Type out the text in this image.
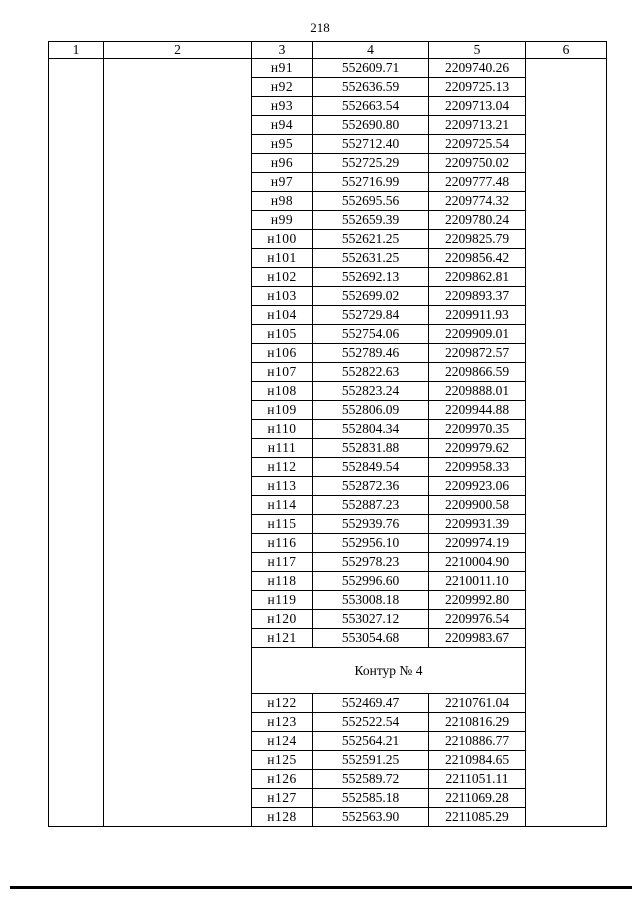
218
1	2	3	4	5	6
		н91	552609.71	2209740.26	
		н92	552636.59	2209725.13	
		н93	552663.54	2209713.04	
		н94	552690.80	2209713.21	
		н95	552712.40	2209725.54	
		н96	552725.29	2209750.02	
		н97	552716.99	2209777.48	
		н98	552695.56	2209774.32	
		н99	552659.39	2209780.24	
		н100	552621.25	2209825.79	
		н101	552631.25	2209856.42	
		н102	552692.13	2209862.81	
		н103	552699.02	2209893.37	
		н104	552729.84	2209911.93	
		н105	552754.06	2209909.01	
		н106	552789.46	2209872.57	
		н107	552822.63	2209866.59	
		н108	552823.24	2209888.01	
		н109	552806.09	2209944.88	
		н110	552804.34	2209970.35	
		н111	552831.88	2209979.62	
		н112	552849.54	2209958.33	
		н113	552872.36	2209923.06	
		н114	552887.23	2209900.58	
		н115	552939.76	2209931.39	
		н116	552956.10	2209974.19	
		н117	552978.23	2210004.90	
		н118	552996.60	2210011.10	
		н119	553008.18	2209992.80	
		н120	553027.12	2209976.54	
		н121	553054.68	2209983.67	
		Контур № 4			
		н122	552469.47	2210761.04	
		н123	552522.54	2210816.29	
		н124	552564.21	2210886.77	
		н125	552591.25	2210984.65	
		н126	552589.72	2211051.11	
		н127	552585.18	2211069.28	
		н128	552563.90	2211085.29	
